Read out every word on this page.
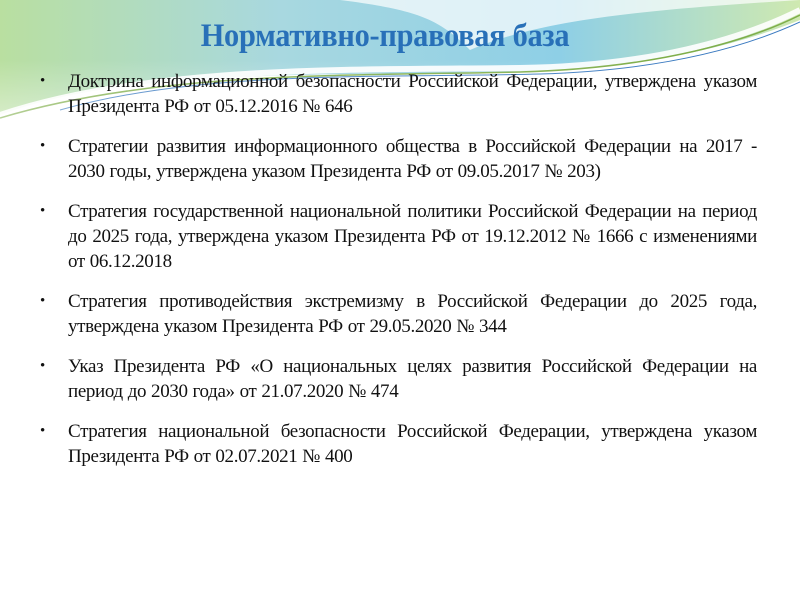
Нормативно-правовая база
• Доктрина информационной безопасности Российской Федерации, утверждена указом Президента РФ от 05.12.2016 № 646
• Стратегии развития информационного общества в Российской Федерации на 2017 - 2030 годы, утверждена указом Президента РФ от 09.05.2017 № 203)
• Стратегия государственной национальной политики Российской Федерации на период до 2025 года, утверждена указом Президента РФ от 19.12.2012 № 1666 с изменениями от 06.12.2018
• Стратегия противодействия экстремизму в Российской Федерации до 2025 года, утверждена указом Президента РФ от 29.05.2020 № 344
• Указ Президента РФ «О национальных целях развития Российской Федерации на период до 2030 года» от 21.07.2020 № 474
• Стратегия национальной безопасности Российской Федерации, утверждена указом Президента РФ от 02.07.2021 № 400
